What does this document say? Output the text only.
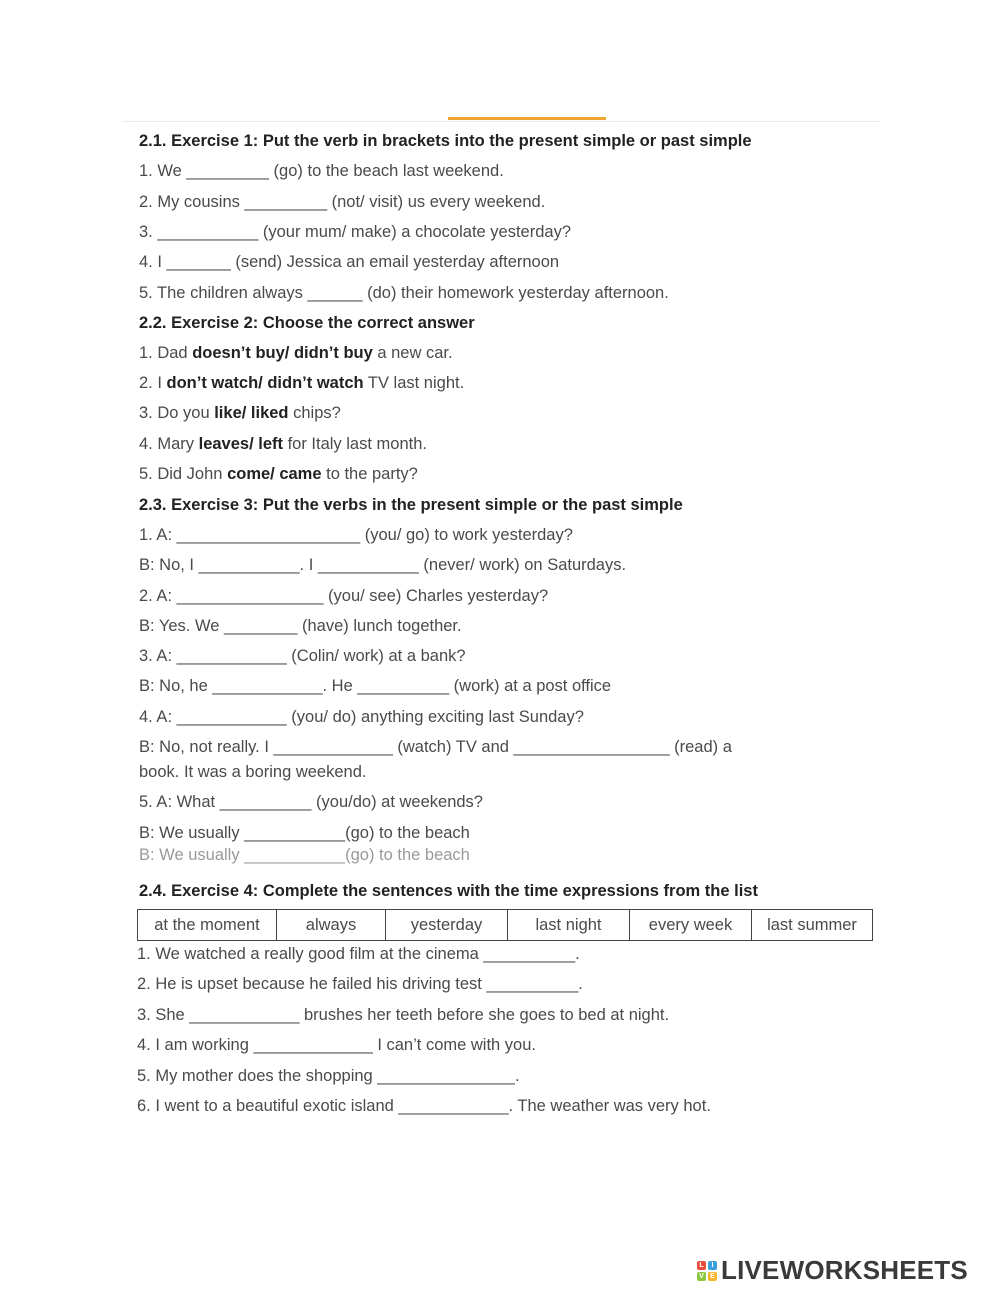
2.1. Exercise 1: Put the verb in brackets into the present simple or past simple
1. We _________ (go) to the beach last weekend.
2. My cousins _________ (not/ visit) us every weekend.
3. ___________ (your mum/ make) a chocolate yesterday?
4. I _______ (send) Jessica an email yesterday afternoon
5. The children always ______ (do) their homework yesterday afternoon.
2.2. Exercise 2: Choose the correct answer
1. Dad doesn’t buy/ didn’t buy a new car.
2. I don’t watch/ didn’t watch TV last night.
3. Do you like/ liked chips?
4. Mary leaves/ left for Italy last month.
5. Did John come/ came to the party?
2.3. Exercise 3: Put the verbs in the present simple or the past simple
1. A: ____________________ (you/ go) to work yesterday?
B: No, I ___________. I ___________ (never/ work) on Saturdays.
2. A: ________________ (you/ see) Charles yesterday?
B: Yes. We ________ (have) lunch together.
3. A: ____________ (Colin/ work) at a bank?
B: No, he ____________. He __________ (work) at a post office
4. A: ____________ (you/ do) anything exciting last Sunday?
B: No, not really. I _____________ (watch) TV and _________________ (read) a
book. It was a boring weekend.
5. A: What __________ (you/do) at weekends?
B: We usually ___________(go) to the beach
B: We usually ___________(go) to the beach
2.4. Exercise 4: Complete the sentences with the time expressions from the list
at the moment	always	yesterday	last night	every week	last summer
1. We watched a really good film at the cinema __________.
2. He is upset because he failed his driving test __________.
3. She ____________ brushes her teeth before she goes to bed at night.
4. I am working _____________ I can’t come with you.
5. My mother does the shopping _______________.
6. I went to a beautiful exotic island ____________. The weather was very hot.
L	I
V E LIVEWORKSHEETS
